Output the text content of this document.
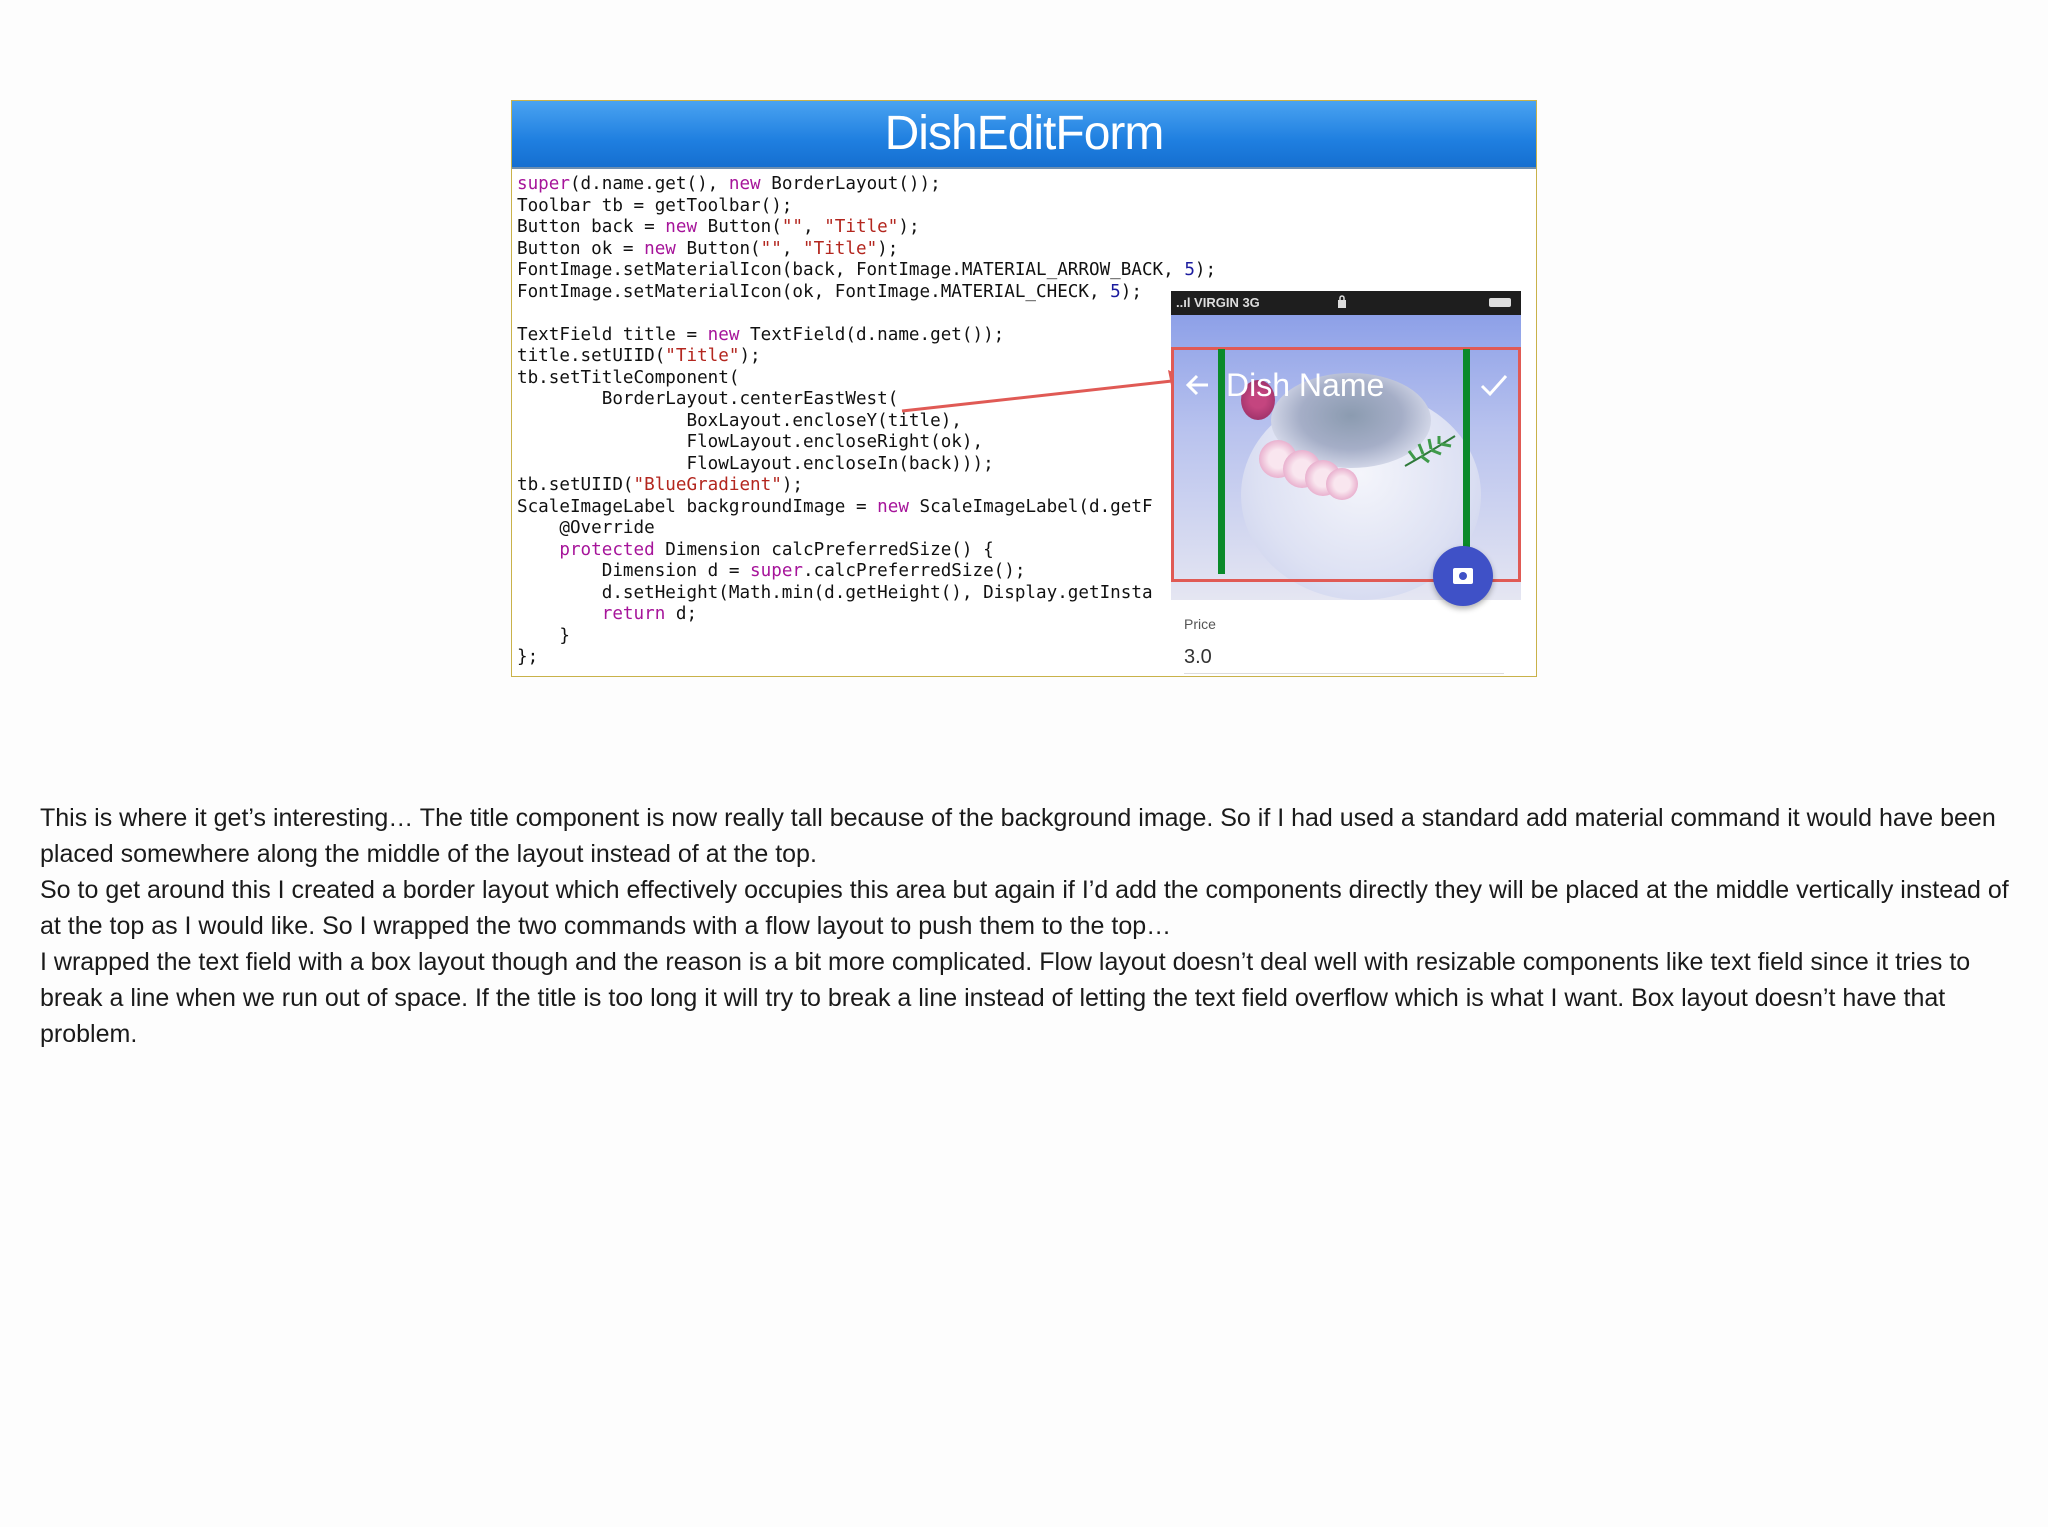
DishEditForm
super(d.name.get(), new BorderLayout());
Toolbar tb = getToolbar();
Button back = new Button("", "Title");
Button ok = new Button("", "Title");
FontImage.setMaterialIcon(back, FontImage.MATERIAL_ARROW_BACK, 5);
FontImage.setMaterialIcon(ok, FontImage.MATERIAL_CHECK, 5);

TextField title = new TextField(d.name.get());
title.setUIID("Title");
tb.setTitleComponent(
BorderLayout.centerEastWest(
BoxLayout.encloseY(title),
FlowLayout.encloseRight(ok),
FlowLayout.encloseIn(back)));
tb.setUIID("BlueGradient");
ScaleImageLabel backgroundImage = new ScaleImageLabel(d.getF
@Override
protected Dimension calcPreferredSize() {
Dimension d = super.calcPreferredSize();
d.setHeight(Math.min(d.getHeight(), Display.getInsta
return d;
}
};
..ıl VIRGIN 3G
Dish Name
Price
3.0

This is where it get’s interesting… The title component is now really tall because of the background image. So if I had used a standard add material command it would have been placed somewhere along the middle of the layout instead of at the top.

So to get around this I created a border layout which effectively occupies this area but again if I’d add the components directly they will be placed at the middle vertically instead of at the top as I would like. So I wrapped the two commands with a flow layout to push them to the top…

I wrapped the text field with a box layout though and the reason is a bit more complicated. Flow layout doesn’t deal well with resizable components like text field since it tries to break a line when we run out of space. If the title is too long it will try to break a line instead of letting the text field overflow which is what I want. Box layout doesn’t have that problem.
